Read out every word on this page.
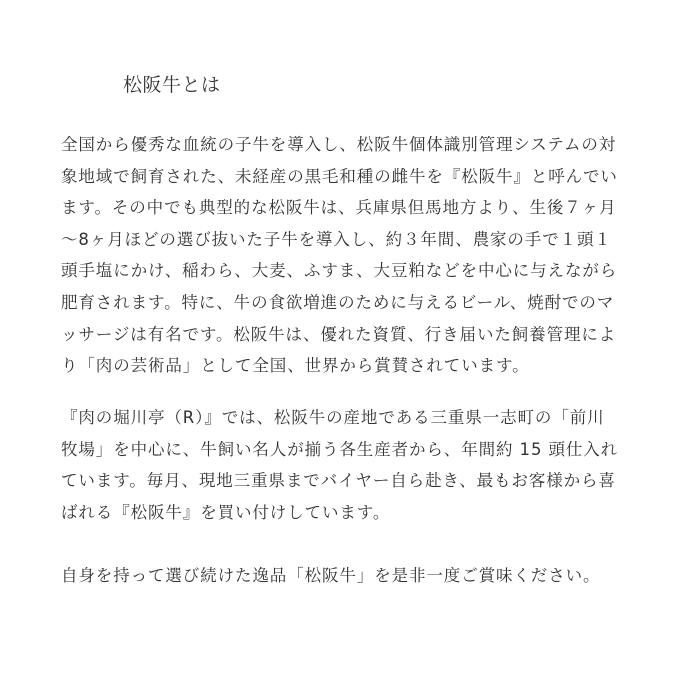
松阪牛とは

全国から優秀な血統の子牛を導入し、松阪牛個体識別管理システムの対
象地域で飼育された、未経産の黒毛和種の雌牛を『松阪牛』と呼んでい
ます。その中でも典型的な松阪牛は、兵庫県但馬地方より、生後７ヶ月
〜8ヶ月ほどの選び抜いた子牛を導入し、約３年間、農家の手で１頭１
頭手塩にかけ、稲わら、大麦、ふすま、大豆粕などを中心に与えながら
肥育されます。特に、牛の食欲増進のために与えるビール、焼酎でのマ
ッサージは有名です。松阪牛は、優れた資質、行き届いた飼養管理によ
り「肉の芸術品」として全国、世界から賞賛されています。

『肉の堀川亭（R）』では、松阪牛の産地である三重県一志町の「前川
牧場」を中心に、牛飼い名人が揃う各生産者から、年間約 15 頭仕入れ
ています。毎月、現地三重県までバイヤー自ら赴き、最もお客様から喜
ばれる『松阪牛』を買い付けしています。

自身を持って選び続けた逸品「松阪牛」を是非一度ご賞味ください。
